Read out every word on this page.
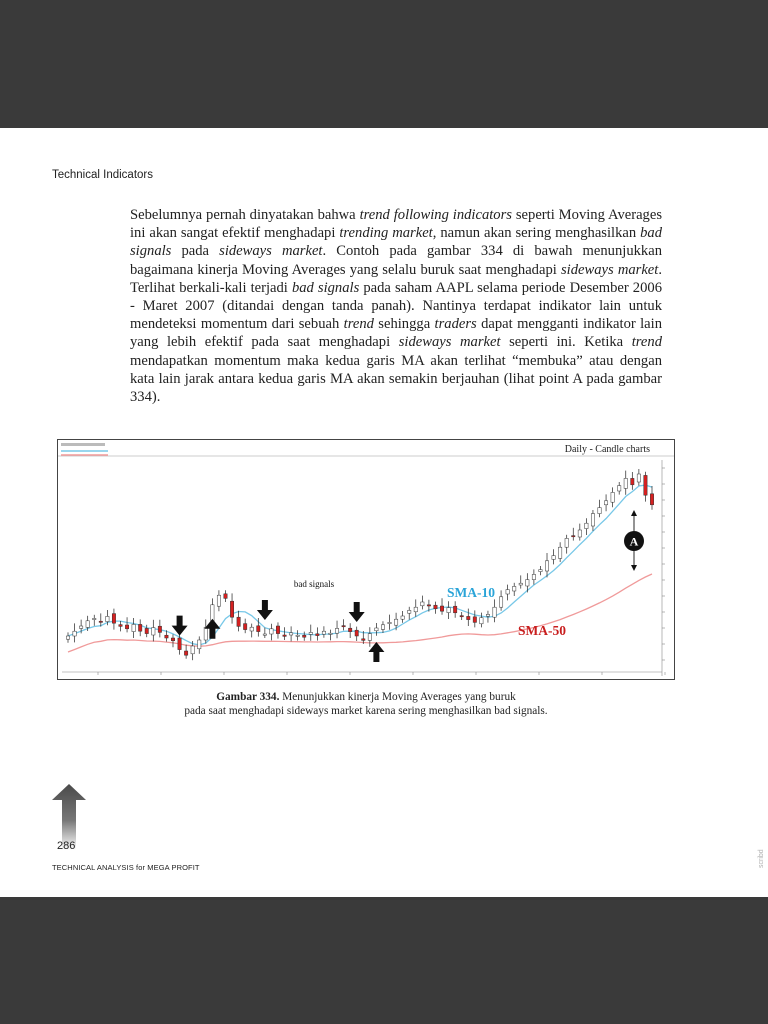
Technical Indicators

Sebelumnya pernah dinyatakan bahwa trend following indicators seperti Moving Averages ini akan sangat efektif menghadapi trending market, namun akan sering menghasilkan bad signals pada sideways market. Contoh pada gambar 334 di bawah menunjukkan bagaimana kinerja Moving Averages yang selalu buruk saat menghadapi sideways market. Terlihat berkali-kali terjadi bad signals pada saham AAPL selama periode Desember 2006 - Maret 2007 (ditandai dengan tanda panah). Nantinya terdapat indikator lain untuk mendeteksi momentum dari sebuah trend sehingga traders dapat mengganti indikator lain yang lebih efektif pada saat menghadapi sideways market seperti ini. Ketika trend mendapatkan momentum maka kedua garis MA akan terlihat “membuka” atau dengan kata lain jarak antara kedua garis MA akan semakin berjauhan (lihat point A pada gambar 334).

Daily - Candle charts
bad signals
SMA-10
SMA-50
A
Gambar 334. Menunjukkan kinerja Moving Averages yang buruk
pada saat menghadapi sideways market karena sering menghasilkan bad signals.
286
TECHNICAL ANALYSIS for MEGA PROFIT	scribd
